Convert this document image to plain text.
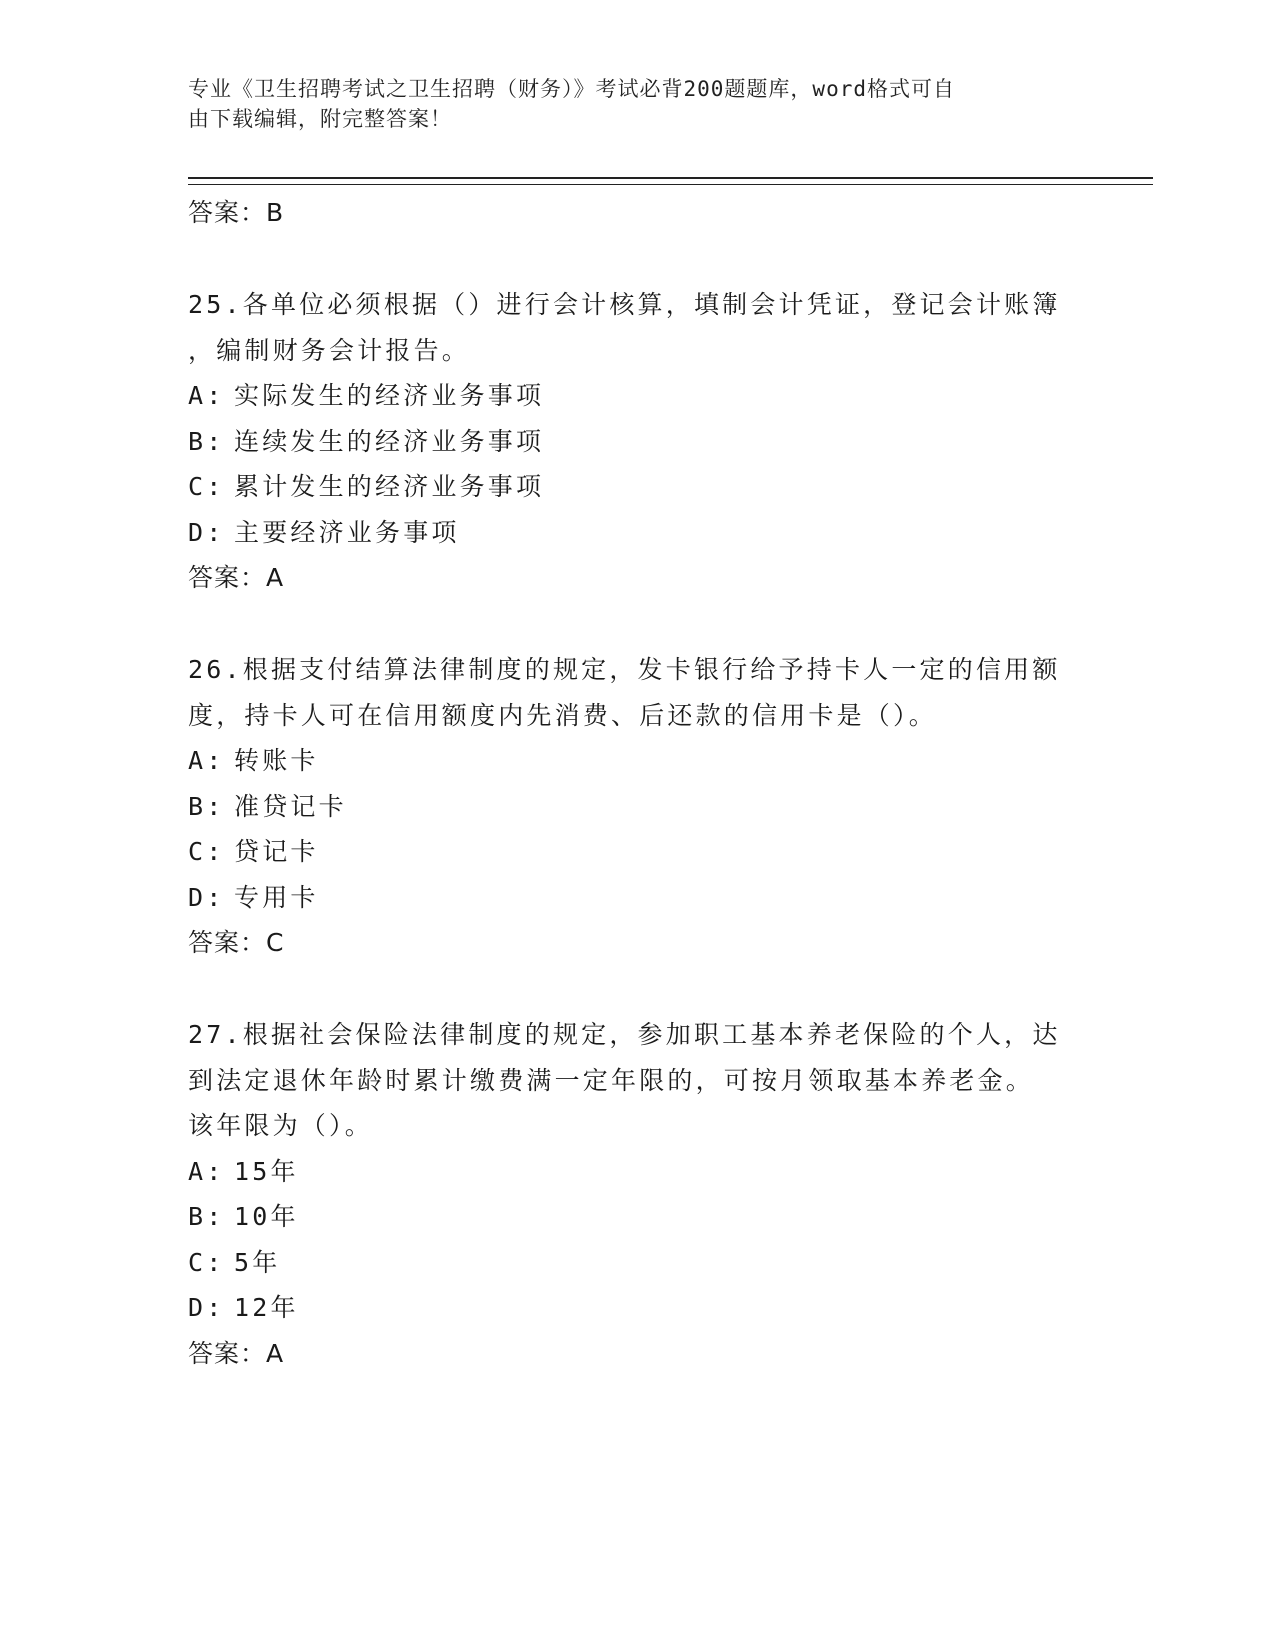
专业《卫生招聘考试之卫生招聘（财务）》考试必背200题题库，word格式可自
由下载编辑，附完整答案！

答案：B

25.各单位必须根据（）进行会计核算，填制会计凭证，登记会计账簿
，编制财务会计报告。

A: 实际发生的经济业务事项
B: 连续发生的经济业务事项
C: 累计发生的经济业务事项
D: 主要经济业务事项

答案：A

26.根据支付结算法律制度的规定，发卡银行给予持卡人一定的信用额
度，持卡人可在信用额度内先消费、后还款的信用卡是（）。

A: 转账卡
B: 准贷记卡
C: 贷记卡
D: 专用卡

答案：C

27.根据社会保险法律制度的规定，参加职工基本养老保险的个人，达
到法定退休年龄时累计缴费满一定年限的，可按月领取基本养老金。
该年限为（）。

A: 15年
B: 10年
C: 5年
D: 12年

答案：A
